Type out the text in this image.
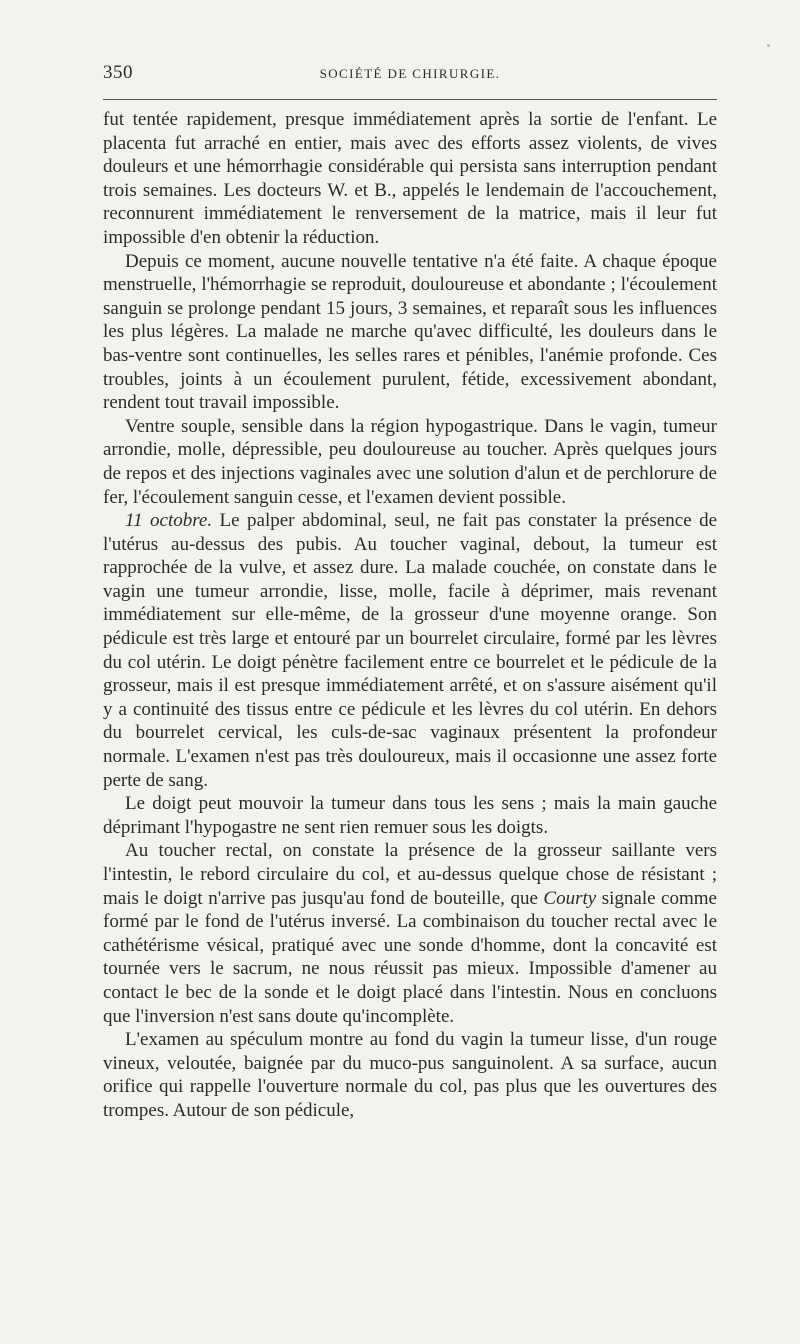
350	SOCIÉTÉ DE CHIRURGIE.

fut tentée rapidement, presque immédiatement après la sortie de l'enfant. Le placenta fut arraché en entier, mais avec des efforts assez violents, de vives douleurs et une hémorrhagie considérable qui persista sans interruption pendant trois semaines. Les docteurs W. et B., appelés le lendemain de l'accouchement, reconnurent immédiatement le renversement de la matrice, mais il leur fut impossible d'en obtenir la réduction.

Depuis ce moment, aucune nouvelle tentative n'a été faite. A chaque époque menstruelle, l'hémorrhagie se reproduit, douloureuse et abondante ; l'écoulement sanguin se prolonge pendant 15 jours, 3 semaines, et reparaît sous les influences les plus légères. La malade ne marche qu'avec difficulté, les douleurs dans le bas-ventre sont continuelles, les selles rares et pénibles, l'anémie profonde. Ces troubles, joints à un écoulement purulent, fétide, excessivement abondant, rendent tout travail impossible.

Ventre souple, sensible dans la région hypogastrique. Dans le vagin, tumeur arrondie, molle, dépressible, peu douloureuse au toucher. Après quelques jours de repos et des injections vaginales avec une solution d'alun et de perchlorure de fer, l'écoulement sanguin cesse, et l'examen devient possible.

11 octobre. Le palper abdominal, seul, ne fait pas constater la présence de l'utérus au-dessus des pubis. Au toucher vaginal, debout, la tumeur est rapprochée de la vulve, et assez dure. La malade couchée, on constate dans le vagin une tumeur arrondie, lisse, molle, facile à déprimer, mais revenant immédiatement sur elle-même, de la grosseur d'une moyenne orange. Son pédicule est très large et entouré par un bourrelet circulaire, formé par les lèvres du col utérin. Le doigt pénètre facilement entre ce bourrelet et le pédicule de la grosseur, mais il est presque immédiatement arrêté, et on s'assure aisément qu'il y a continuité des tissus entre ce pédicule et les lèvres du col utérin. En dehors du bourrelet cervical, les culs-de-sac vaginaux présentent la profondeur normale. L'examen n'est pas très douloureux, mais il occasionne une assez forte perte de sang.

Le doigt peut mouvoir la tumeur dans tous les sens ; mais la main gauche déprimant l'hypogastre ne sent rien remuer sous les doigts.

Au toucher rectal, on constate la présence de la grosseur saillante vers l'intestin, le rebord circulaire du col, et au-dessus quelque chose de résistant ; mais le doigt n'arrive pas jusqu'au fond de bouteille, que Courty signale comme formé par le fond de l'utérus inversé. La combinaison du toucher rectal avec le cathétérisme vésical, pratiqué avec une sonde d'homme, dont la concavité est tournée vers le sacrum, ne nous réussit pas mieux. Impossible d'amener au contact le bec de la sonde et le doigt placé dans l'intestin. Nous en concluons que l'inversion n'est sans doute qu'incomplète.

L'examen au spéculum montre au fond du vagin la tumeur lisse, d'un rouge vineux, veloutée, baignée par du muco-pus sanguinolent. A sa surface, aucun orifice qui rappelle l'ouverture normale du col, pas plus que les ouvertures des trompes. Autour de son pédicule,
